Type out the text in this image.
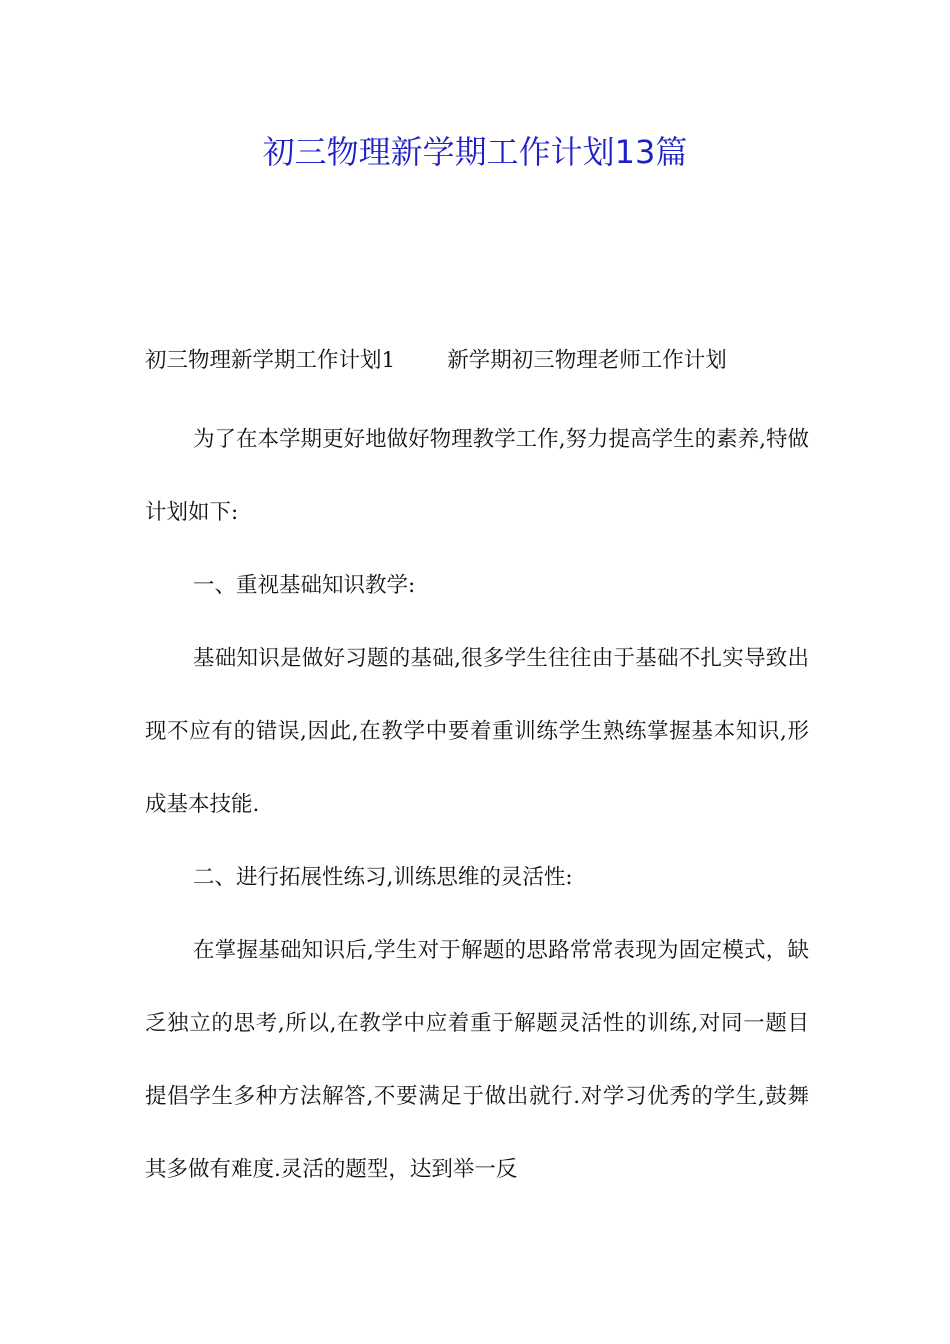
初三物理新学期工作计划13篇

初三物理新学期工作计划1 新学期初三物理老师工作计划

为了在本学期更好地做好物理教学工作,努力提高学生的素养,特做计划如下:

一、重视基础知识教学:

基础知识是做好习题的基础,很多学生往往由于基础不扎实导致出现不应有的错误,因此,在教学中要着重训练学生熟练掌握基本知识,形成基本技能.

二、进行拓展性练习,训练思维的灵活性:

在掌握基础知识后,学生对于解题的思路常常表现为固定模式，缺乏独立的思考,所以,在教学中应着重于解题灵活性的训练,对同一题目提倡学生多种方法解答,不要满足于做出就行.对学习优秀的学生,鼓舞其多做有难度.灵活的题型，达到举一反
